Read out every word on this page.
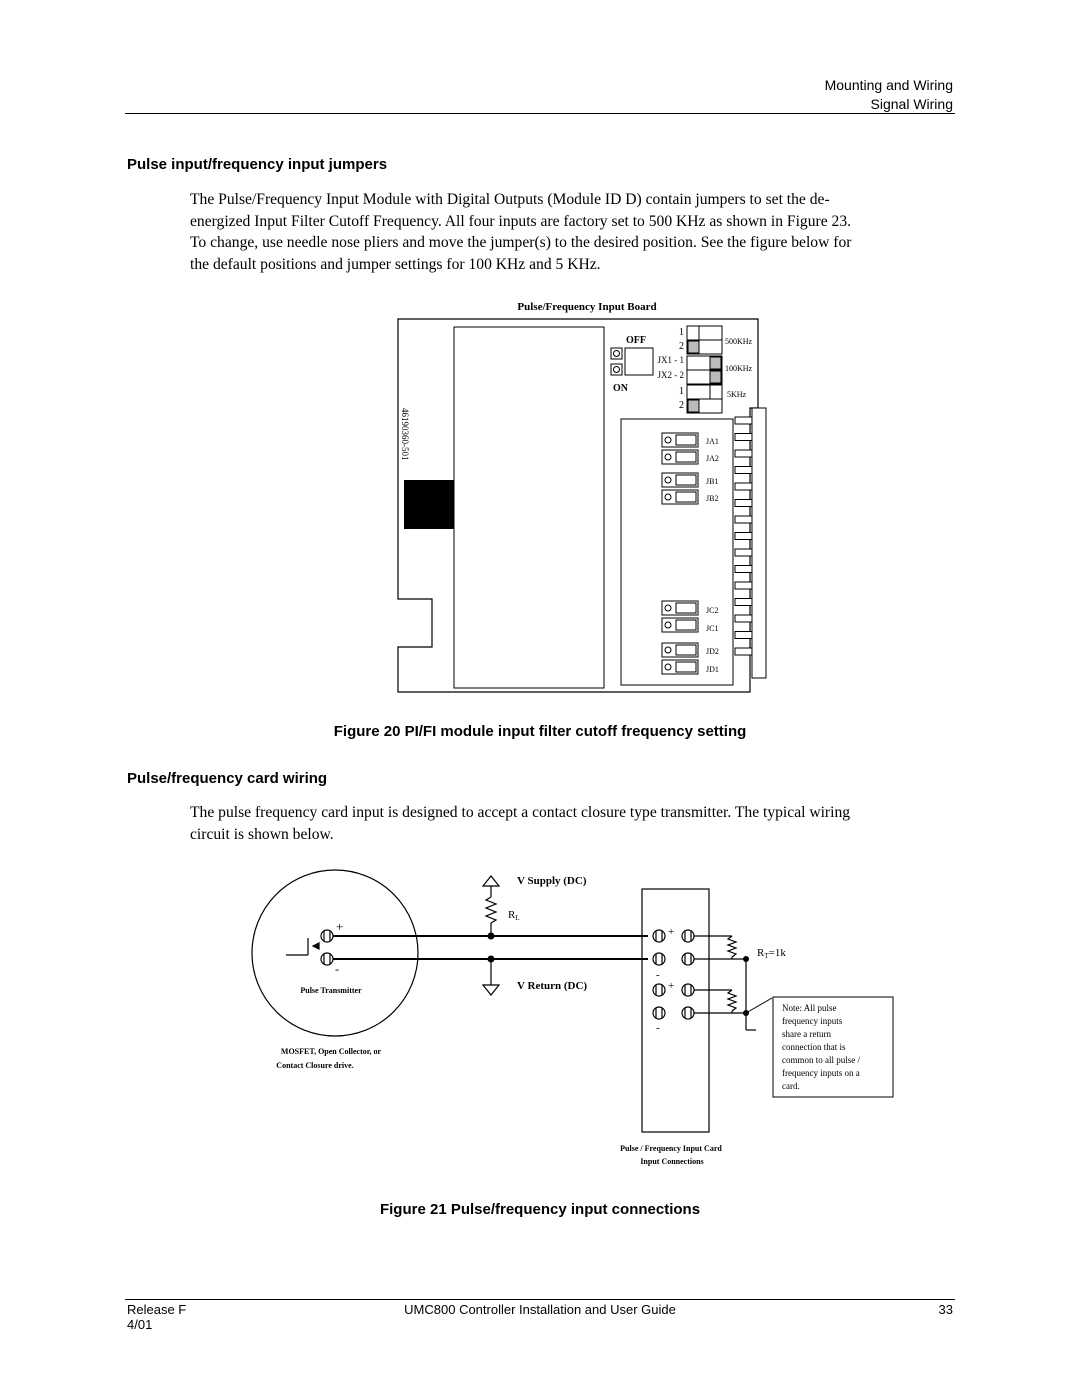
Mounting and Wiring
Signal Wiring
Pulse input/frequency input jumpers
The Pulse/Frequency Input Module with Digital Outputs (Module ID D) contain jumpers to set the de-
energized Input Filter Cutoff Frequency. All four inputs are factory set to 500 KHz as shown in Figure 23.
To change, use needle nose pliers and move the jumper(s) to the desired position. See the figure below for
the default positions and jumper settings for 100 KHz and 5 KHz.
Pulse/Frequency Input Board
46190360-501
OFF
ON
JX1 - 1
JX2 - 2
1
2
1
2
500KHz
100KHz
5KHz
JA1
JA2
JB1
JB2
JC2
JC1
JD2
JD1
Figure 20 PI/FI module input filter cutoff frequency setting
Pulse/frequency card wiring
The pulse frequency card input is designed to accept a contact closure type transmitter. The typical wiring
circuit is shown below.
Pulse Transmitter
MOSFET, Open Collector, or
Contact Closure drive.
+
-
V Supply (DC)
RL
V Return (DC)
+
-
+
-
RT=1k
Note: All pulse frequency inputs share a return connection that is common to all pulse / frequency inputs on a card.
Pulse / Frequency Input Card
Input Connections
Figure 21 Pulse/frequency input connections
Release F
4/01
UMC800 Controller Installation and User Guide	33
